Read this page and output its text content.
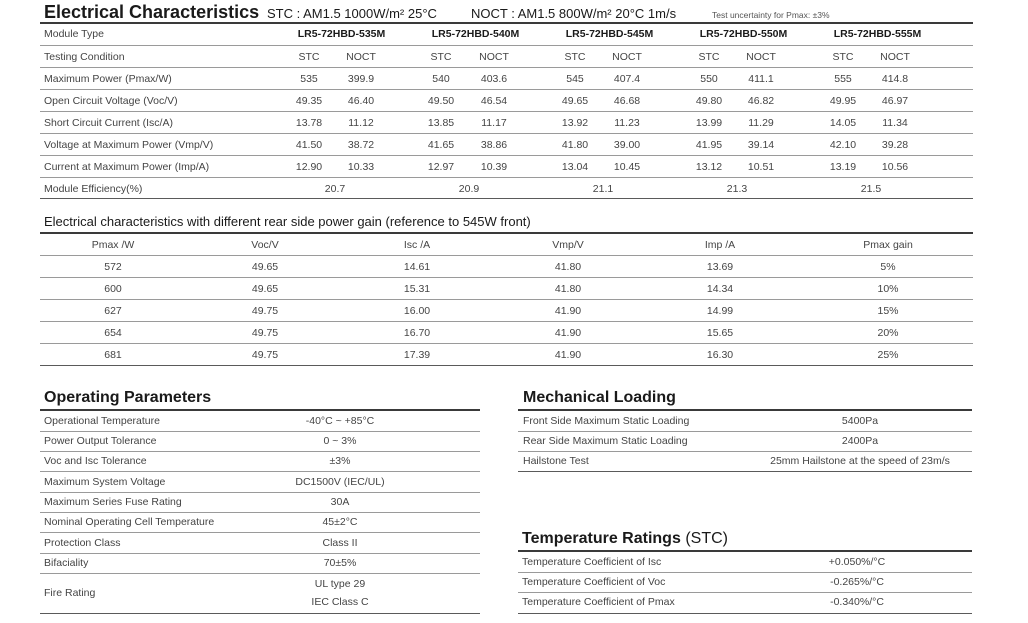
Electrical Characteristics STC : AM1.5 1000W/m² 25°C	NOCT : AM1.5 800W/m² 20°C 1m/s	Test uncertainty for Pmax: ±3%
Module Type	LR5-72HBD-535M	LR5-72HBD-540M	LR5-72HBD-545M	LR5-72HBD-550M	LR5-72HBD-555M
Testing Condition	STC	NOCT	STC	NOCT	STC	NOCT	STC	NOCT	STC	NOCT
Maximum Power (Pmax/W)	535	399.9	540	403.6	545	407.4	550	411.1	555	414.8
Open Circuit Voltage (Voc/V)	49.35	46.40	49.50	46.54	49.65	46.68	49.80	46.82	49.95	46.97
Short Circuit Current (Isc/A)	13.78	11.12	13.85	11.17	13.92	11.23	13.99	11.29	14.05	11.34
Voltage at Maximum Power (Vmp/V)	41.50	38.72	41.65	38.86	41.80	39.00	41.95	39.14	42.10	39.28
Current at Maximum Power (Imp/A)	12.90	10.33	12.97	10.39	13.04	10.45	13.12	10.51	13.19	10.56
Module Efficiency(%)	20.7	20.9	21.1	21.3	21.5
Electrical characteristics with different rear side power gain (reference to 545W front)
Pmax /W	Voc/V	Isc /A	Vmp/V	Imp /A	Pmax gain
572	49.65	14.61	41.80	13.69	5%
600	49.65	15.31	41.80	14.34	10%
627	49.75	16.00	41.90	14.99	15%
654	49.75	16.70	41.90	15.65	20%
681	49.75	17.39	41.90	16.30	25%
Operating Parameters
Operational Temperature	-40°C ~ +85°C
Power Output Tolerance	0 ~ 3%
Voc and Isc Tolerance	±3%
Maximum System Voltage	DC1500V (IEC/UL)
Maximum Series Fuse Rating	30A
Nominal Operating Cell Temperature	45±2°C
Protection Class	Class II
Bifaciality	70±5%
Fire Rating
UL type 29
IEC Class C
Mechanical Loading
Front Side Maximum Static Loading	5400Pa
Rear Side Maximum Static Loading	2400Pa
Hailstone Test	25mm Hailstone at the speed of 23m/s
Temperature Ratings (STC)
Temperature Coefficient of Isc	+0.050%/°C
Temperature Coefficient of Voc	-0.265%/°C
Temperature Coefficient of Pmax	-0.340%/°C
